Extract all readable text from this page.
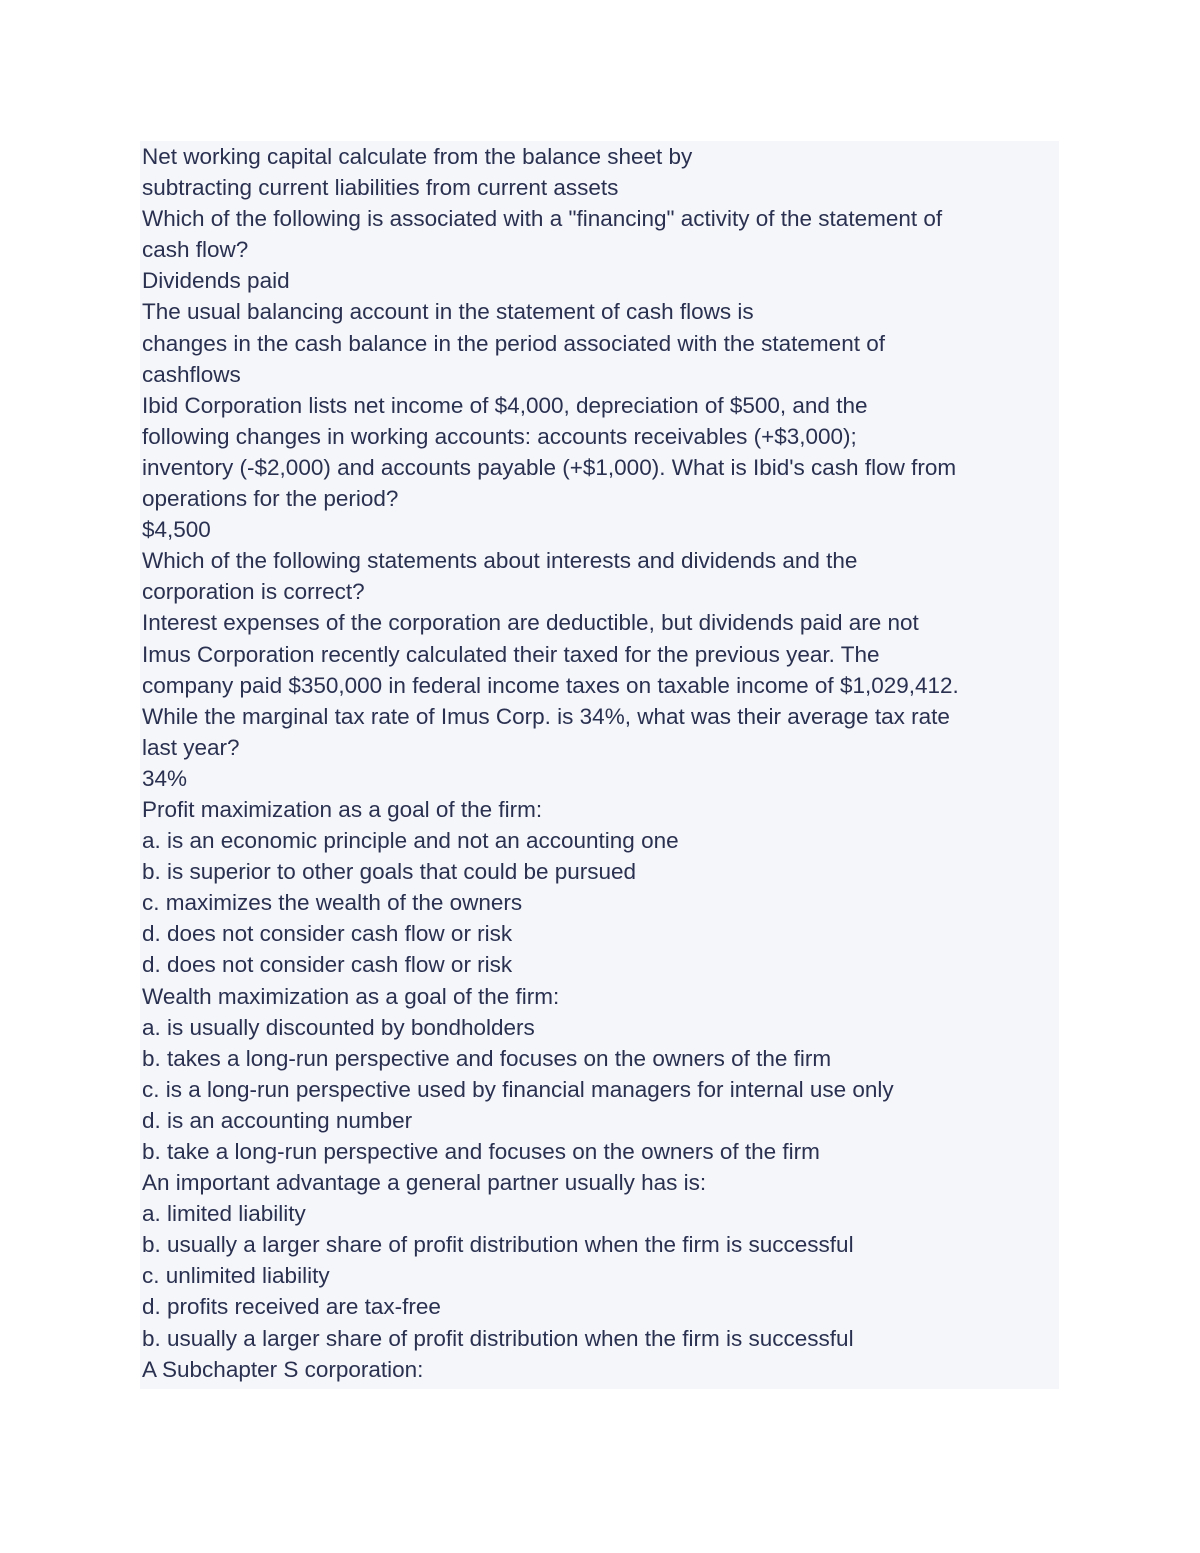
Net working capital calculate from the balance sheet by
subtracting current liabilities from current assets
Which of the following is associated with a "financing" activity of the statement of
cash flow?
Dividends paid
The usual balancing account in the statement of cash flows is
changes in the cash balance in the period associated with the statement of
cashflows
Ibid Corporation lists net income of $4,000, depreciation of $500, and the
following changes in working accounts: accounts receivables (+$3,000);
inventory (-$2,000) and accounts payable (+$1,000). What is Ibid's cash flow from
operations for the period?
$4,500
Which of the following statements about interests and dividends and the
corporation is correct?
Interest expenses of the corporation are deductible, but dividends paid are not
Imus Corporation recently calculated their taxed for the previous year. The
company paid $350,000 in federal income taxes on taxable income of $1,029,412.
While the marginal tax rate of Imus Corp. is 34%, what was their average tax rate
last year?
34%
Profit maximization as a goal of the firm:
a. is an economic principle and not an accounting one
b. is superior to other goals that could be pursued
c. maximizes the wealth of the owners
d. does not consider cash flow or risk
d. does not consider cash flow or risk
Wealth maximization as a goal of the firm:
a. is usually discounted by bondholders
b. takes a long-run perspective and focuses on the owners of the firm
c. is a long-run perspective used by financial managers for internal use only
d. is an accounting number
b. take a long-run perspective and focuses on the owners of the firm
An important advantage a general partner usually has is:
a. limited liability
b. usually a larger share of profit distribution when the firm is successful
c. unlimited liability
d. profits received are tax-free
b. usually a larger share of profit distribution when the firm is successful
A Subchapter S corporation:
